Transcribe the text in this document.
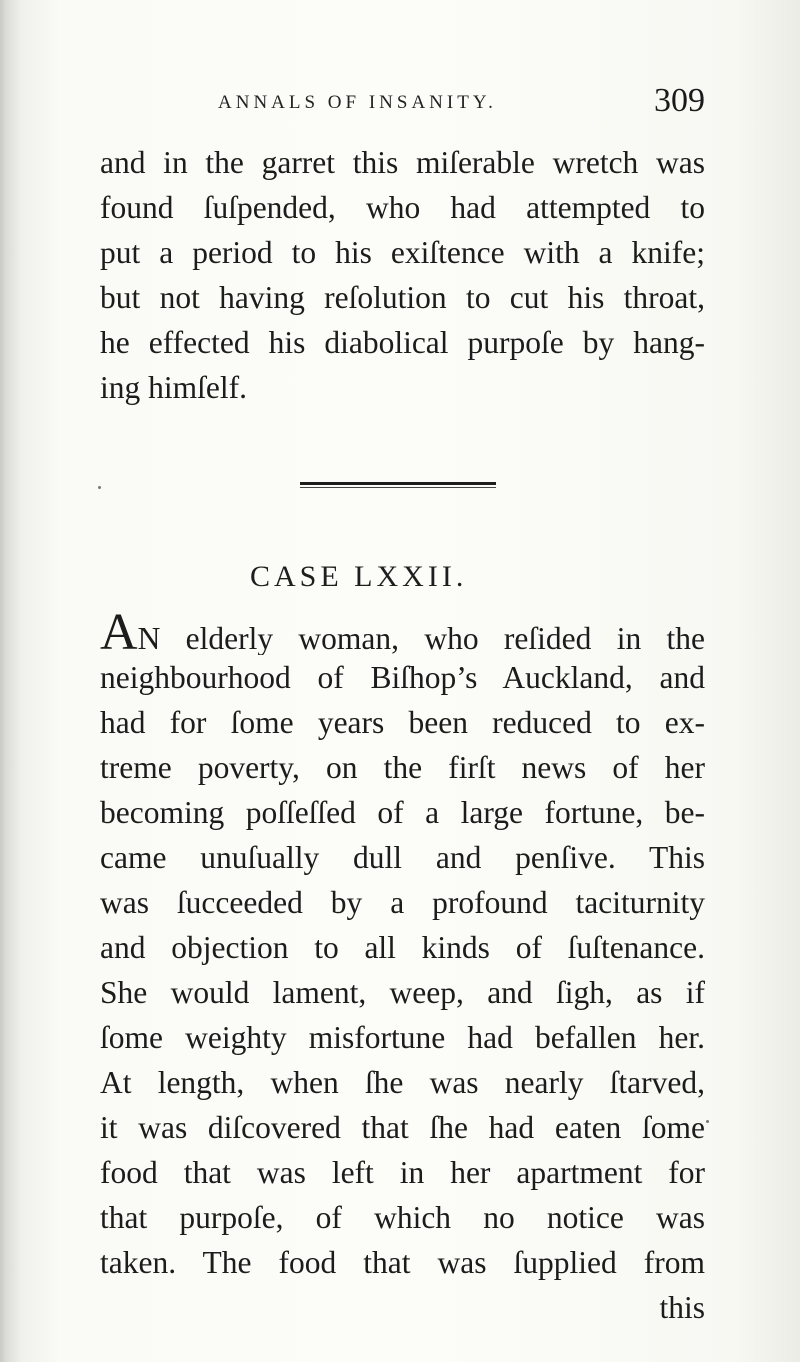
ANNALS OF INSANITY.	309
and in the garret this miſerable wretch was
found ſuſpended, who had attempted to
put a period to his exiſtence with a knife;
but not having reſolution to cut his throat,
he effected his diabolical purpoſe by hang-
ing himſelf.
CASE LXXII.
AN elderly woman, who reſided in the
neighbourhood of Biſhop’s Auckland, and
had for ſome years been reduced to ex-
treme poverty, on the firſt news of her
becoming poſſeſſed of a large fortune, be-
came unuſually dull and penſive. This
was ſucceeded by a profound taciturnity
and objection to all kinds of ſuſtenance.
She would lament, weep, and ſigh, as if
ſome weighty misfortune had befallen her.
At length, when ſhe was nearly ſtarved,
it was diſcovered that ſhe had eaten ſome
food that was left in her apartment for
that purpoſe, of which no notice was
taken. The food that was ſupplied from
this
